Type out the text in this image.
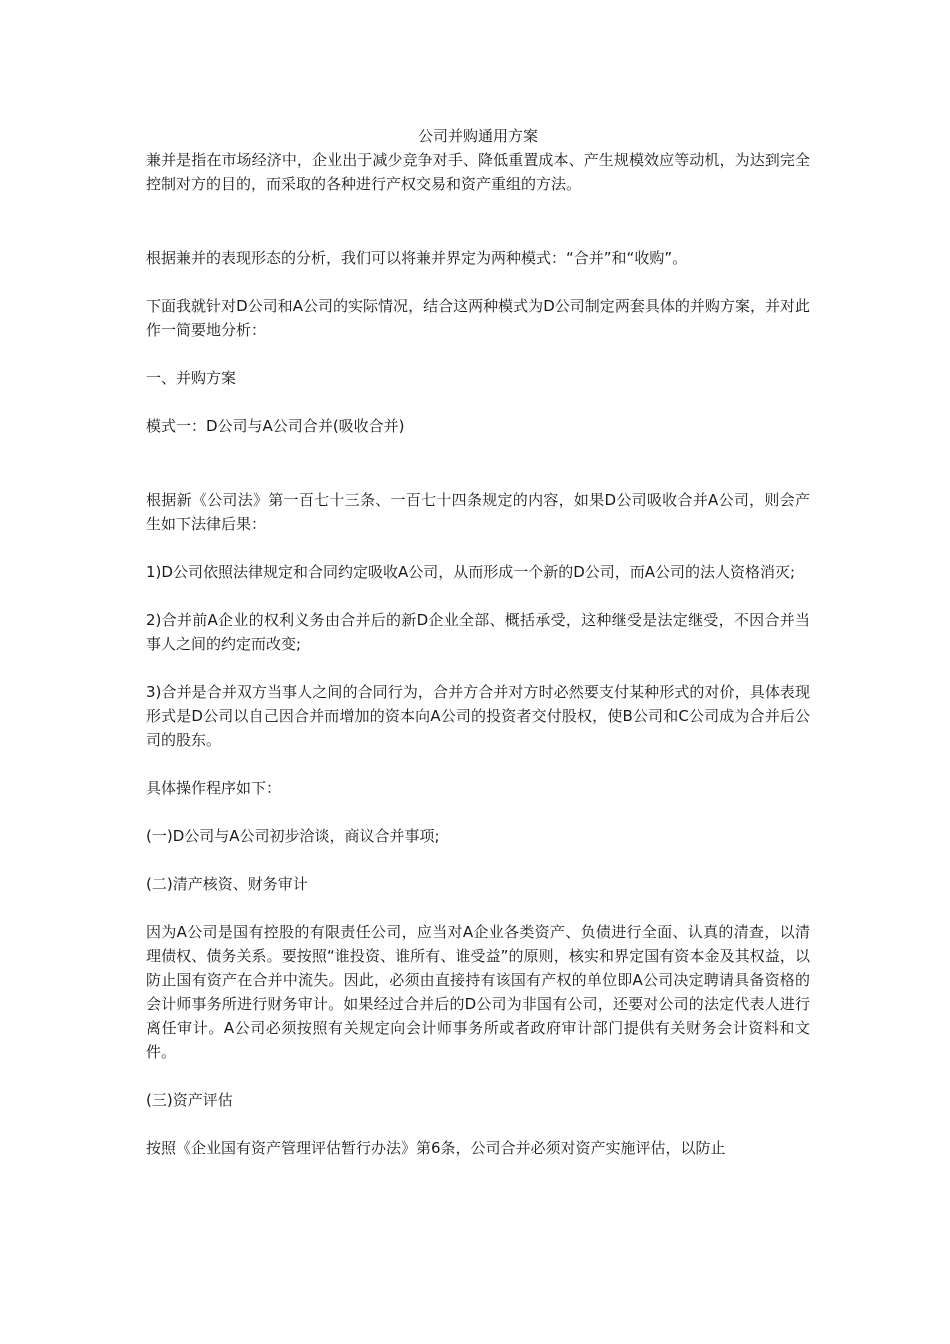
公司并购通用方案

兼并是指在市场经济中，企业出于减少竞争对手、降低重置成本、产生规模效应等动机，为达到完全控制对方的目的，而采取的各种进行产权交易和资产重组的方法。

根据兼并的表现形态的分析，我们可以将兼并界定为两种模式：“合并”和“收购”。

下面我就针对D公司和A公司的实际情况，结合这两种模式为D公司制定两套具体的并购方案，并对此作一简要地分析：

一、并购方案

模式一：D公司与A公司合并(吸收合并)

根据新《公司法》第一百七十三条、一百七十四条规定的内容，如果D公司吸收合并A公司，则会产生如下法律后果：

1)D公司依照法律规定和合同约定吸收A公司，从而形成一个新的D公司，而A公司的法人资格消灭;

2)合并前A企业的权利义务由合并后的新D企业全部、概括承受，这种继受是法定继受，不因合并当事人之间的约定而改变;

3)合并是合并双方当事人之间的合同行为，合并方合并对方时必然要支付某种形式的对价，具体表现形式是D公司以自己因合并而增加的资本向A公司的投资者交付股权，使B公司和C公司成为合并后公司的股东。

具体操作程序如下：

(一)D公司与A公司初步洽谈，商议合并事项;

(二)清产核资、财务审计

因为A公司是国有控股的有限责任公司，应当对A企业各类资产、负债进行全面、认真的清查，以清理债权、债务关系。要按照“谁投资、谁所有、谁受益”的原则，核实和界定国有资本金及其权益，以防止国有资产在合并中流失。因此，必须由直接持有该国有产权的单位即A公司决定聘请具备资格的会计师事务所进行财务审计。如果经过合并后的D公司为非国有公司，还要对公司的法定代表人进行离任审计。A公司必须按照有关规定向会计师事务所或者政府审计部门提供有关财务会计资料和文件。

(三)资产评估

按照《企业国有资产管理评估暂行办法》第6条，公司合并必须对资产实施评估，以防止
